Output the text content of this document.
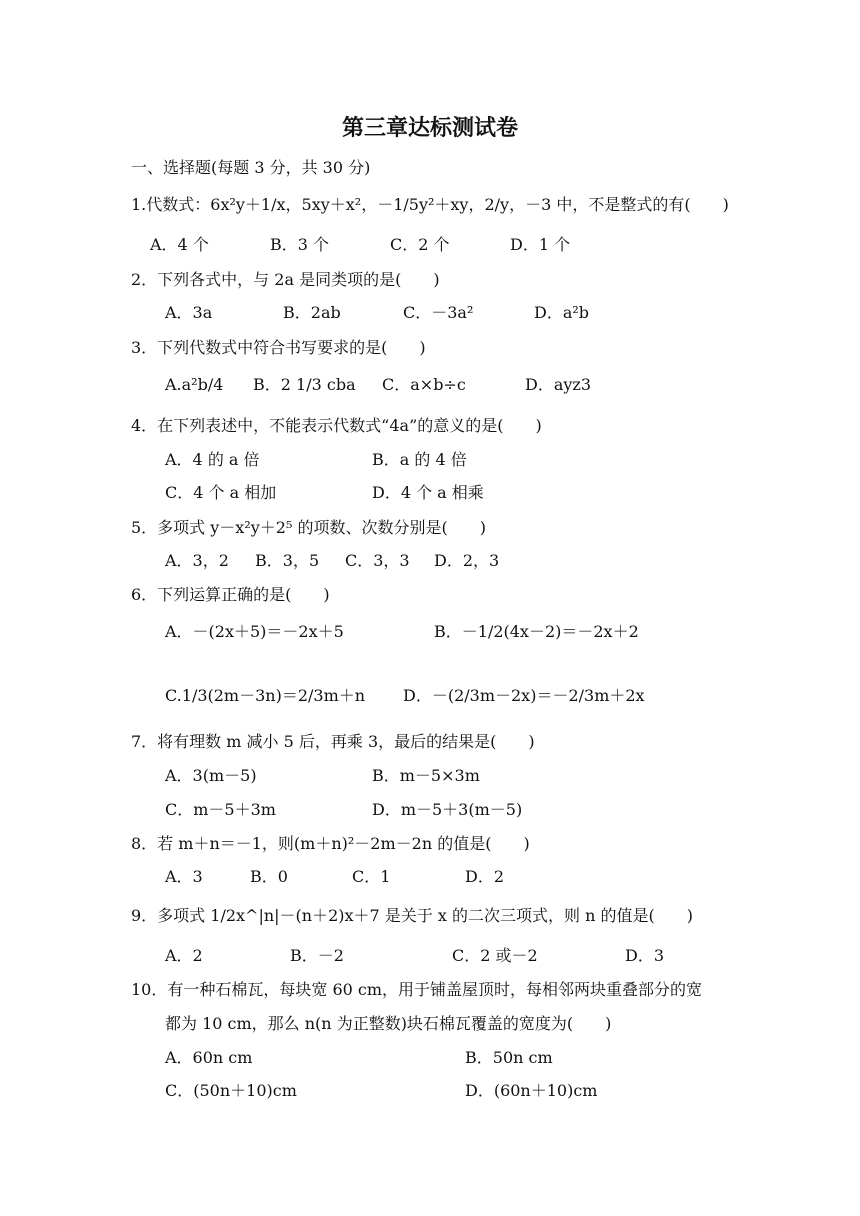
第三章达标测试卷
一、选择题(每题 3 分，共 30 分)
1.代数式：6x²y＋1/x，5xy＋x²，－1/5y²＋xy，2/y，－3 中，不是整式的有(　　)
A．4 个	B．3 个	C．2 个	D．1 个
2．下列各式中，与 2a 是同类项的是(　　)
A．3a	B．2ab	C．－3a²	D．a²b
3．下列代数式中符合书写要求的是(　　)
A.a²b/4 B．2 1/3 cba C．a×b÷c	D．ayz3
4．在下列表述中，不能表示代数式“4a”的意义的是(　　)
A．4 的 a 倍	B．a 的 4 倍
C．4 个 a 相加	D．4 个 a 相乘
5．多项式 y－x²y＋2⁵ 的项数、次数分别是(　　)
A．3，2 B．3，5 C．3，3 D．2，3
6．下列运算正确的是(　　)
A．－(2x＋5)＝－2x＋5	B．－1/2(4x－2)＝－2x＋2
C.1/3(2m－3n)＝2/3m＋n D．－(2/3m－2x)＝－2/3m＋2x
7．将有理数 m 减小 5 后，再乘 3，最后的结果是(　　)
A．3(m－5)	B．m－5×3m
C．m－5＋3m	D．m－5＋3(m－5)
8．若 m＋n＝－1，则(m＋n)²－2m－2n 的值是(　　)
A．3	B．0	C．1	D．2
9．多项式 1/2x^|n|－(n＋2)x＋7 是关于 x 的二次三项式，则 n 的值是(　　)
A．2	B．－2	C．2 或－2	D．3
10．有一种石棉瓦，每块宽 60 cm，用于铺盖屋顶时，每相邻两块重叠部分的宽
都为 10 cm，那么 n(n 为正整数)块石棉瓦覆盖的宽度为(　　)
A．60n cm	B．50n cm
C．(50n＋10)cm	D．(60n＋10)cm
